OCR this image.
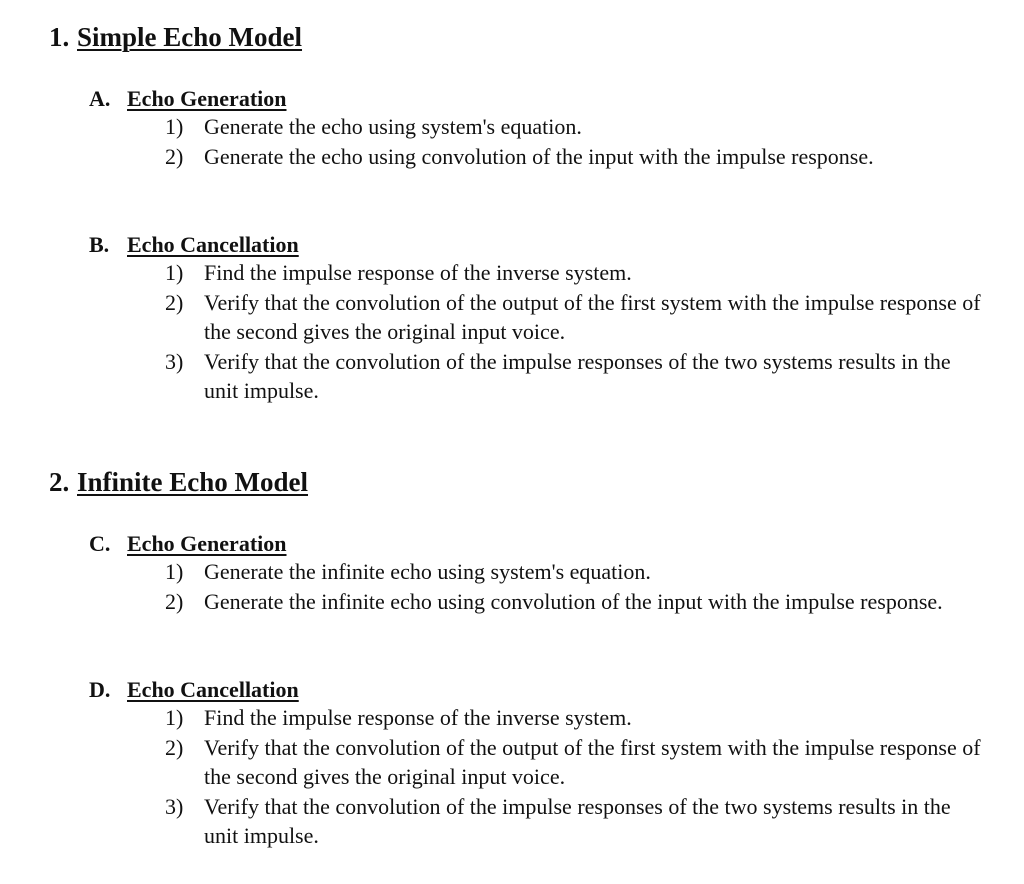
1. Simple Echo Model
A. Echo Generation
1) Generate the echo using system's equation.
2) Generate the echo using convolution of the input with the impulse response.
B. Echo Cancellation
1) Find the impulse response of the inverse system.
2) Verify that the convolution of the output of the first system with the impulse response of the second gives the original input voice.
3) Verify that the convolution of the impulse responses of the two systems results in the unit impulse.
2. Infinite Echo Model
C. Echo Generation
1) Generate the infinite echo using system's equation.
2) Generate the infinite echo using convolution of the input with the impulse response.
D. Echo Cancellation
1) Find the impulse response of the inverse system.
2) Verify that the convolution of the output of the first system with the impulse response of the second gives the original input voice.
3) Verify that the convolution of the impulse responses of the two systems results in the unit impulse.
